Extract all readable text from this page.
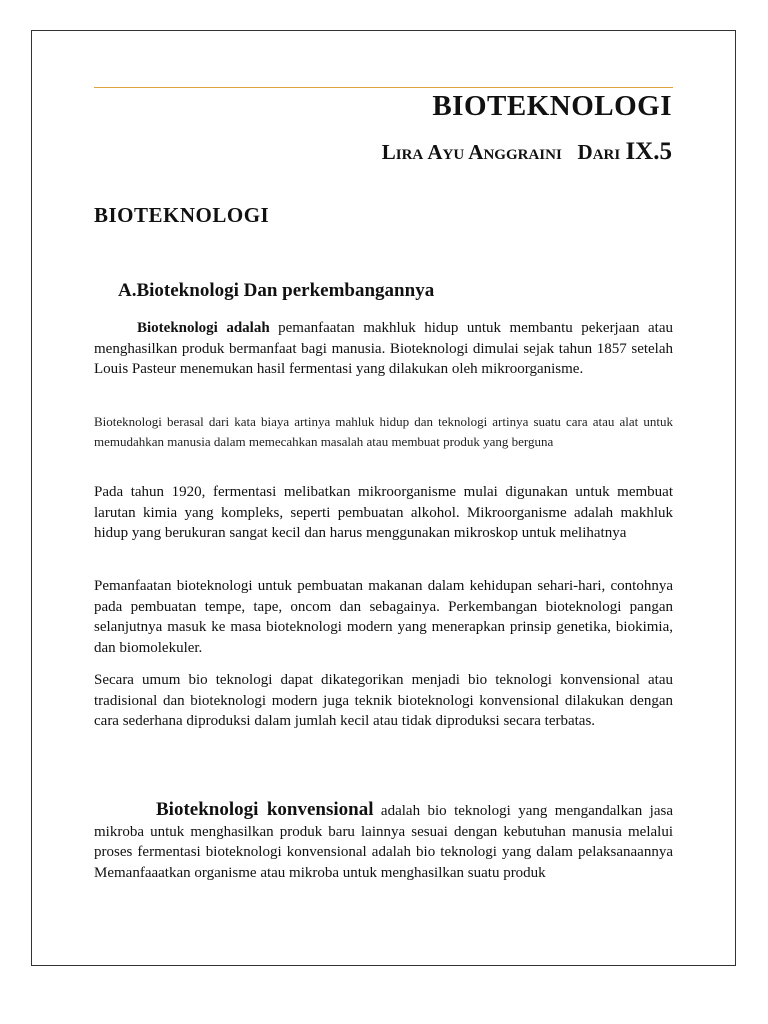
BIOTEKNOLOGI

Lira Ayu Anggraini Dari IX.5

BIOTEKNOLOGI
A.Bioteknologi Dan perkembangannya

Bioteknologi adalah pemanfaatan makhluk hidup untuk membantu pekerjaan atau menghasilkan produk bermanfaat bagi manusia. Bioteknologi dimulai sejak tahun 1857 setelah Louis Pasteur menemukan hasil fermentasi yang dilakukan oleh mikroorganisme.

Bioteknologi berasal dari kata biaya artinya mahluk hidup dan teknologi artinya suatu cara atau alat untuk memudahkan manusia dalam memecahkan masalah atau membuat produk yang berguna

Pada tahun 1920, fermentasi melibatkan mikroorganisme mulai digunakan untuk membuat larutan kimia yang kompleks, seperti pembuatan alkohol. Mikroorganisme adalah makhluk hidup yang berukuran sangat kecil dan harus menggunakan mikroskop untuk melihatnya

Pemanfaatan bioteknologi untuk pembuatan makanan dalam kehidupan sehari-hari, contohnya pada pembuatan tempe, tape, oncom dan sebagainya. Perkembangan bioteknologi pangan selanjutnya masuk ke masa bioteknologi modern yang menerapkan prinsip genetika, biokimia, dan biomolekuler.

Secara umum bio teknologi dapat dikategorikan menjadi bio teknologi konvensional atau tradisional dan bioteknologi modern juga teknik bioteknologi konvensional dilakukan dengan cara sederhana diproduksi dalam jumlah kecil atau tidak diproduksi secara terbatas.

Bioteknologi konvensional adalah bio teknologi yang mengandalkan jasa mikroba untuk menghasilkan produk baru lainnya sesuai dengan kebutuhan manusia melalui proses fermentasi bioteknologi konvensional adalah bio teknologi yang dalam pelaksanaannya Memanfaaatkan organisme atau mikroba untuk menghasilkan suatu produk
